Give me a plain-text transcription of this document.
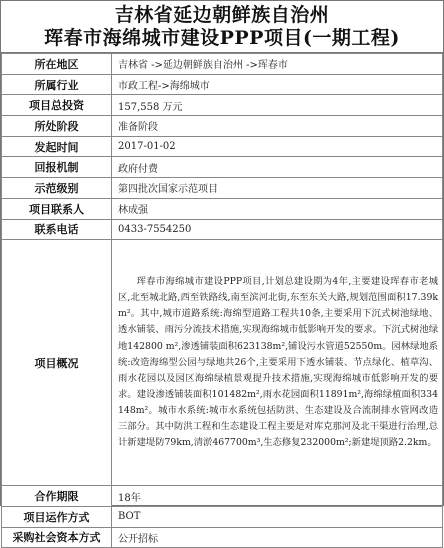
吉林省延边朝鲜族自治州
珲春市海绵城市建设PPP项目(一期工程)
所在地区	吉林省 ->延边朝鲜族自治州 ->珲春市
所属行业	市政工程->海绵城市
项目总投资	157,558 万元
所处阶段	准备阶段
发起时间	2017-01-02
回报机制	政府付费
示范级别	第四批次国家示范项目
项目联系人	林成强
联系电话	0433-7554250
项目概况	珲春市海绵城市建设PPP项目,计划总建设期为4年,主要建设珲春市老城区,北至城北路,西至铁路线,南至滨河北街,东至东关大路,规划范围面积17.39km²。其中,城市道路系统:海绵型道路工程共10条,主要采用下沉式树池绿地、透水铺装、雨污分流技术措施,实现海绵城市低影响开发的要求。下沉式树池绿地142800 m²,渗透铺装面积623138m²,铺设污水管道52550m。园林绿地系统:改造海绵型公园与绿地共26个,主要采用下透水铺装、节点绿化、植草沟、雨水花园以及园区海绵绿植景观提升技术措施,实现海绵城市低影响开发的要求。建设渗透铺装面积101482m²,雨水花园面积11891m²,海绵绿植面积334148m²。城市水系统:城市水系统包括防洪、生态建设及合流制排水管网改造三部分。其中防洪工程和生态建设工程主要是对库克那河及北干渠进行治理,总计新建堤防79km,清淤467700m³,生态修复232000m²;新建堤顶路2.2km。
合作期限	18年
项目运作方式	BOT
采购社会资本方式	公开招标
